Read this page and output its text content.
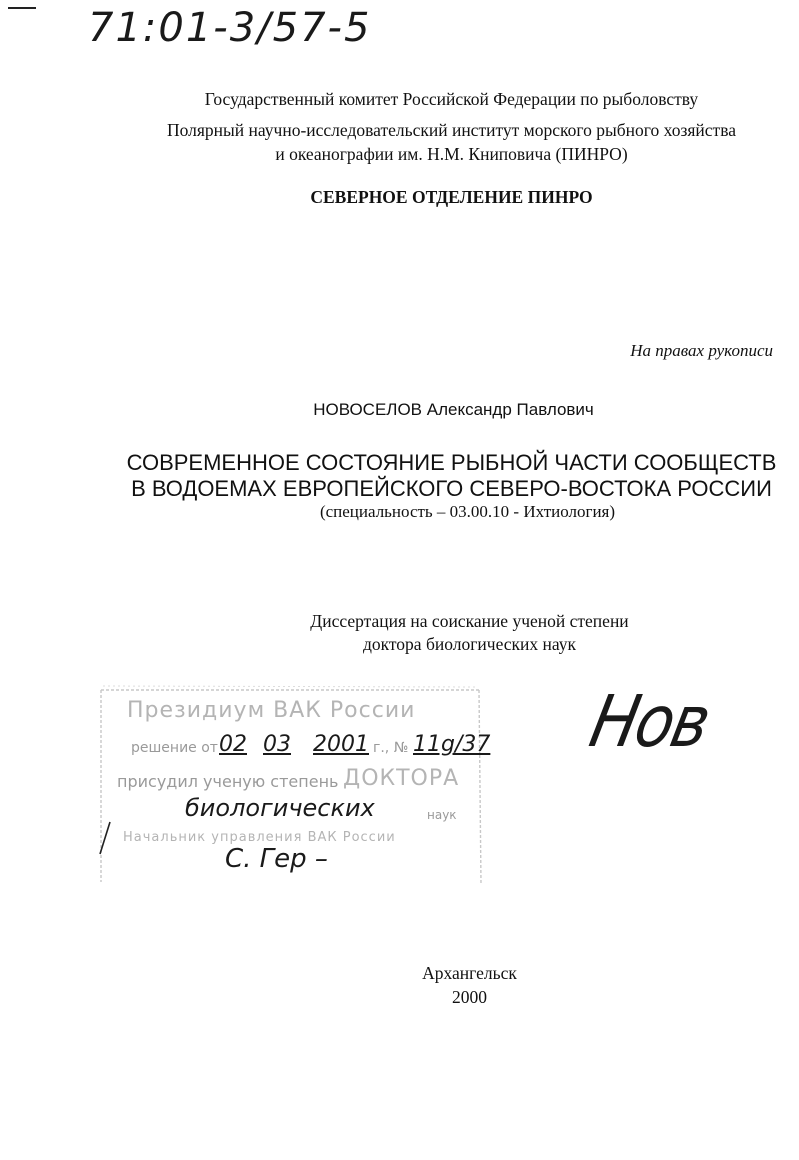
71:01-3/57-5
Государственный комитет Российской Федерации по рыболовству
Полярный научно-исследовательский институт морского рыбного хозяйства
и океанографии им. Н.М. Книповича (ПИНРО)
СЕВЕРНОЕ ОТДЕЛЕНИЕ ПИНРО
На правах рукописи
НОВОСЕЛОВ Александр Павлович
СОВРЕМЕННОЕ СОСТОЯНИЕ РЫБНОЙ ЧАСТИ СООБЩЕСТВ
В ВОДОЕМАХ ЕВРОПЕЙСКОГО СЕВЕРО-ВОСТОКА РОССИИ
(специальность – 03.00.10 - Ихтиология)
Диссертация на соискание ученой степени
доктора биологических наук
Президиум ВАК России
решение от 02 03 2001 г., № 11g/37
присудил ученую степень ДОКТОРА
биологических	наук
Начальник управления ВАК России
С. Гер –
Нов
Архангельск
2000
